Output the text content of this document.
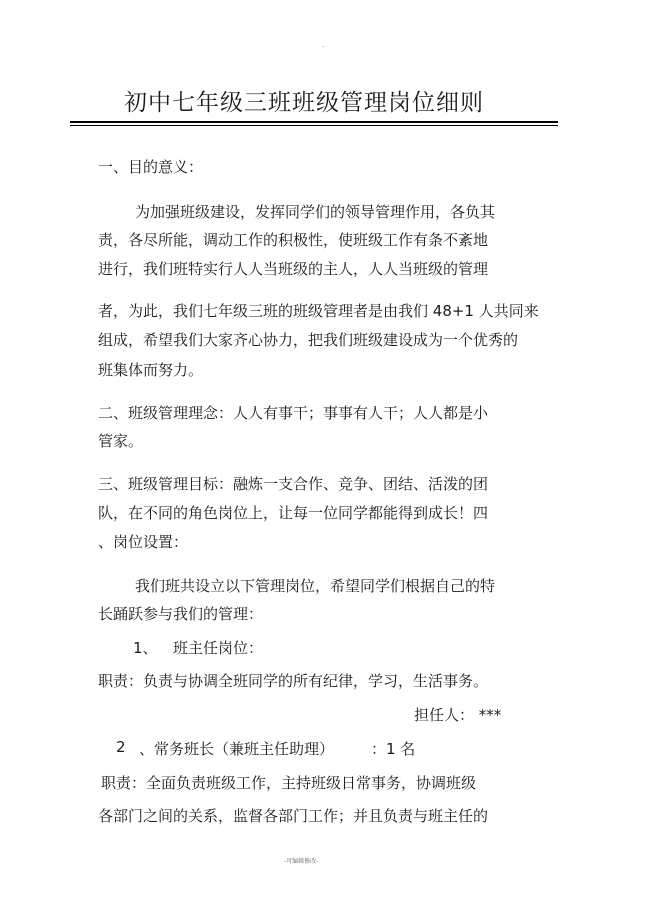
.
初中七年级三班班级管理岗位细则
一、目的意义：
为加强班级建设，发挥同学们的领导管理作用，各负其
责，各尽所能，调动工作的积极性，使班级工作有条不紊地
进行，我们班特实行人人当班级的主人，人人当班级的管理
者，为此，我们七年级三班的班级管理者是由我们 48+1 人共同来
组成，希望我们大家齐心协力，把我们班级建设成为一个优秀的
班集体而努力。
二、班级管理理念：人人有事干；事事有人干；人人都是小
管家。
三、班级管理目标：融炼一支合作、竞争、团结、活泼的团
队，在不同的角色岗位上，让每一位同学都能得到成长！四
、岗位设置：
我们班共设立以下管理岗位，希望同学们根据自己的特
长踊跃参与我们的管理：
1、 班主任岗位：
职责：负责与协调全班同学的所有纪律，学习，生活事务。
担任人： ***
2 、常务班长（兼班主任助理） ：1 名
职责：全面负责班级工作，主持班级日常事务，协调班级
各部门之间的关系，监督各部门工作；并且负责与班主任的
-可编辑修改-
